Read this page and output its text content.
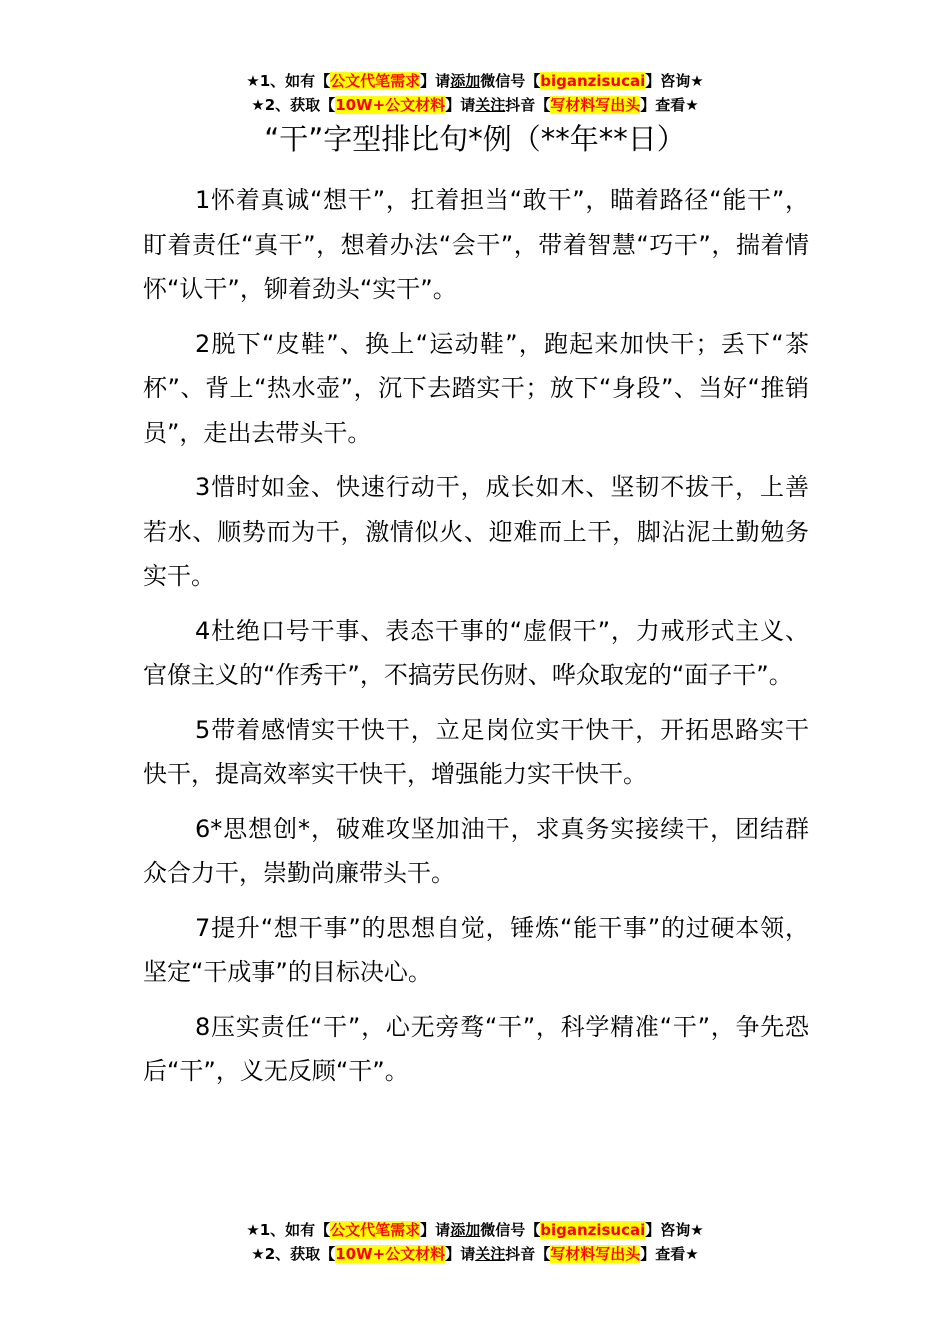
★1、如有【公文代笔需求】请添加微信号【biganzisucai】咨询★
★2、获取【10W+公文材料】请关注抖音【写材料写出头】查看★
“干”字型排比句*例（**年**日）

1怀着真诚“想干”，扛着担当“敢干”，瞄着路径“能干”，盯着责任“真干”，想着办法“会干”，带着智慧“巧干”，揣着情怀“认干”，铆着劲头“实干”。

2脱下“皮鞋”、换上“运动鞋”，跑起来加快干；丢下“茶杯”、背上“热水壶”，沉下去踏实干；放下“身段”、当好“推销员”，走出去带头干。

3惜时如金、快速行动干，成长如木、坚韧不拔干，上善若水、顺势而为干，激情似火、迎难而上干，脚沾泥土勤勉务实干。

4杜绝口号干事、表态干事的“虚假干”，力戒形式主义、官僚主义的“作秀干”，不搞劳民伤财、哗众取宠的“面子干”。

5带着感情实干快干，立足岗位实干快干，开拓思路实干快干，提高效率实干快干，增强能力实干快干。

6*思想创*，破难攻坚加油干，求真务实接续干，团结群众合力干，崇勤尚廉带头干。

7提升“想干事”的思想自觉，锤炼“能干事”的过硬本领，坚定“干成事”的目标决心。

8压实责任“干”，心无旁骛“干”，科学精准“干”，争先恐后“干”，义无反顾“干”。

★1、如有【公文代笔需求】请添加微信号【biganzisucai】咨询★
★2、获取【10W+公文材料】请关注抖音【写材料写出头】查看★
